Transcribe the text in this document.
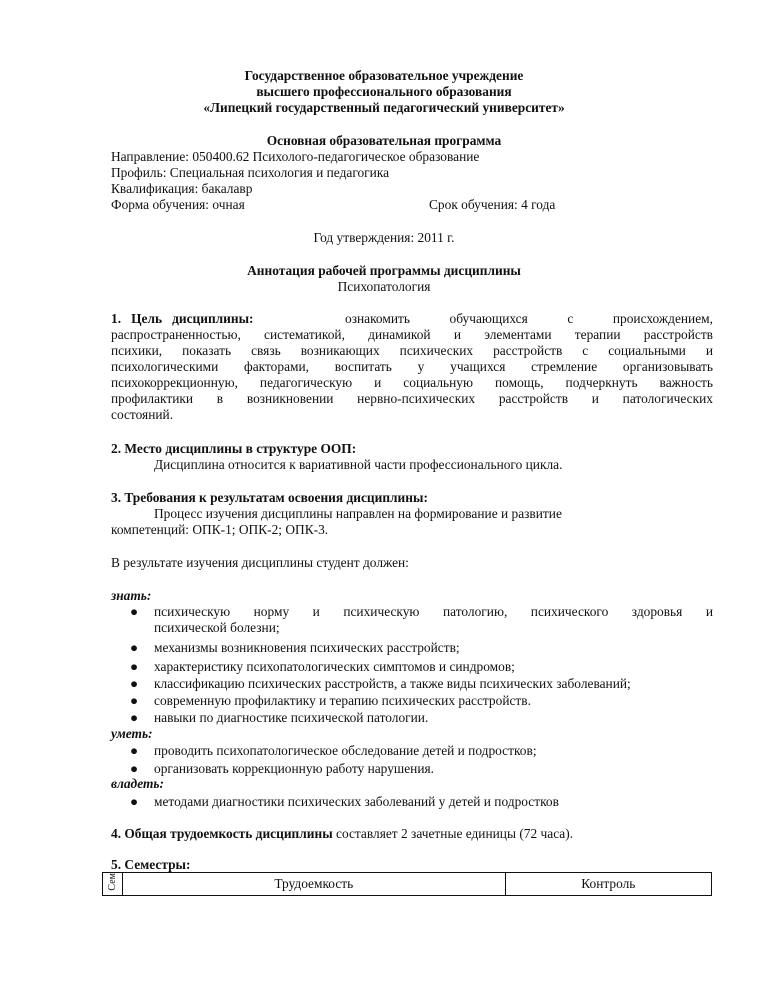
Государственное образовательное учреждение
высшего профессионального образования
«Липецкий государственный педагогический университет»
Основная образовательная программа
Направление: 050400.62 Психолого-педагогическое образование
Профиль: Специальная психология и педагогика
Квалификация: бакалавр
Форма обучения: очная	Срок обучения: 4 года
Год утверждения: 2011 г.
Аннотация рабочей программы дисциплины
Психопатология
1.   Цель   дисциплины:	ознакомить обучающихся с происхождением,
распространенностью, систематикой, динамикой и элементами терапии расстройств
психики, показать связь возникающих психических расстройств с социальными и
психологическими факторами, воспитать у учащихся стремление организовывать
психокоррекционную, педагогическую и социальную помощь, подчеркнуть важность
профилактики в возникновении нервно-психических расстройств и патологических
состояний.
2. Место дисциплины в структуре ООП:
Дисциплина относится к вариативной части профессионального цикла.
3. Требования к результатам освоения дисциплины:
Процесс изучения дисциплины направлен на формирование и развитие
компетенций: ОПК-1; ОПК-2; ОПК-3.
В результате изучения дисциплины студент должен:
знать:
● психическую норму и психическую патологию, психического здоровья и
психической болезни;
● механизмы возникновения психических расстройств;
● характеристику психопатологических симптомов и синдромов;
● классификацию психических расстройств, а также виды психических заболеваний;
● современную профилактику и терапию психических расстройств.
● навыки по диагностике психической патологии.
уметь:
● проводить психопатологическое обследование детей и подростков;
● организовать коррекционную работу нарушения.
владеть:
● методами диагностики психических заболеваний у детей и подростков
4. Общая трудоемкость дисциплины составляет 2 зачетные единицы (72 часа).
5. Семестры:
Сем	Трудоемкость	Контроль
